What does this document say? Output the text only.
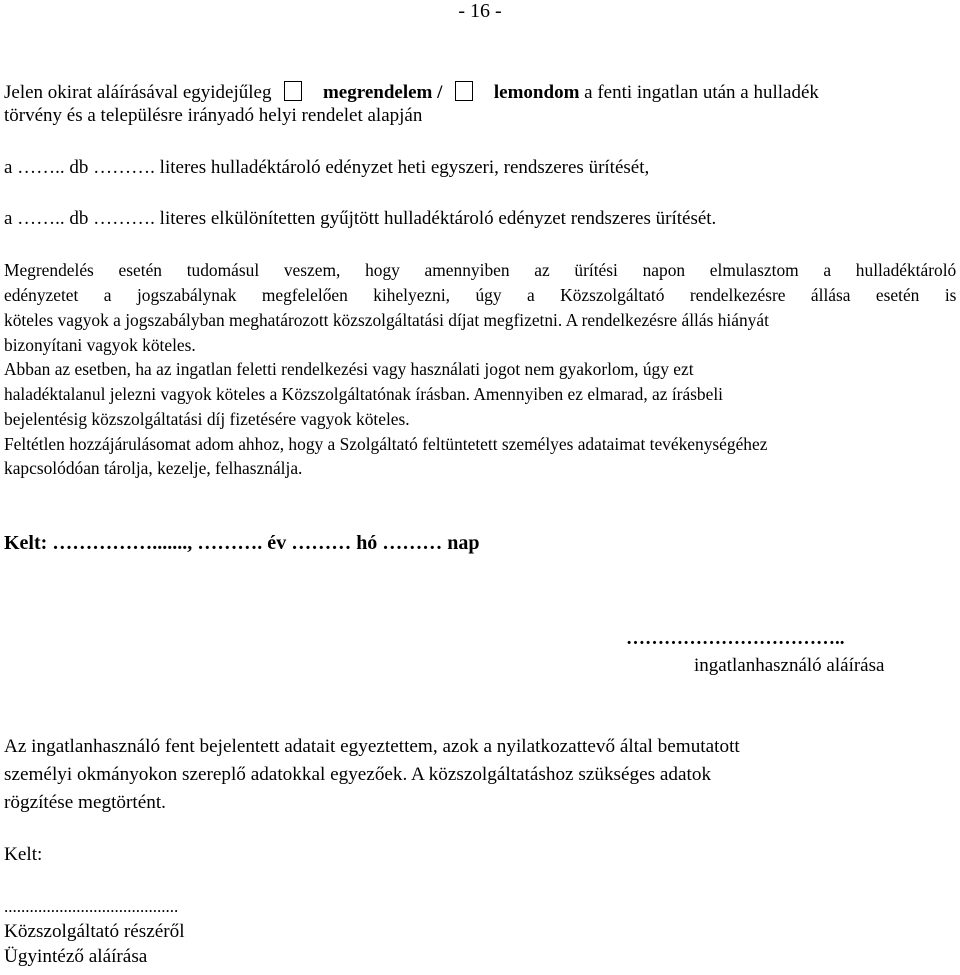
- 16 -
Jelen okirat aláírásával egyidejűleg	megrendelem /	lemondom a fenti ingatlan után a hulladék
törvény és a településre irányadó helyi rendelet alapján
a …….. db ………. literes hulladéktároló edényzet heti egyszeri, rendszeres ürítését,
a …….. db ………. literes elkülönítetten gyűjtött hulladéktároló edényzet rendszeres ürítését.
Megrendelés esetén tudomásul veszem, hogy amennyiben az ürítési napon elmulasztom a hulladéktároló
edényzetet a jogszabálynak megfelelően kihelyezni, úgy a Közszolgáltató rendelkezésre állása esetén is
köteles vagyok a jogszabályban meghatározott közszolgáltatási díjat megfizetni. A rendelkezésre állás hiányát
bizonyítani vagyok köteles.
Abban az esetben, ha az ingatlan feletti rendelkezési vagy használati jogot nem gyakorlom, úgy ezt
haladéktalanul jelezni vagyok köteles a Közszolgáltatónak írásban. Amennyiben ez elmarad, az írásbeli
bejelentésig közszolgáltatási díj fizetésére vagyok köteles.
Feltétlen hozzájárulásomat adom ahhoz, hogy a Szolgáltató feltüntetett személyes adataimat tevékenységéhez
kapcsolódóan tárolja, kezelje, felhasználja.
Kelt: ……………......., ………. év ……… hó ……… nap
……………………………..
ingatlanhasználó aláírása
Az ingatlanhasználó fent bejelentett adatait egyeztettem, azok a nyilatkozattevő által bemutatott
személyi okmányokon szereplő adatokkal egyezőek. A közszolgáltatáshoz szükséges adatok
rögzítése megtörtént.
Kelt:
.........................................
Közszolgáltató részéről
Ügyintéző aláírása
